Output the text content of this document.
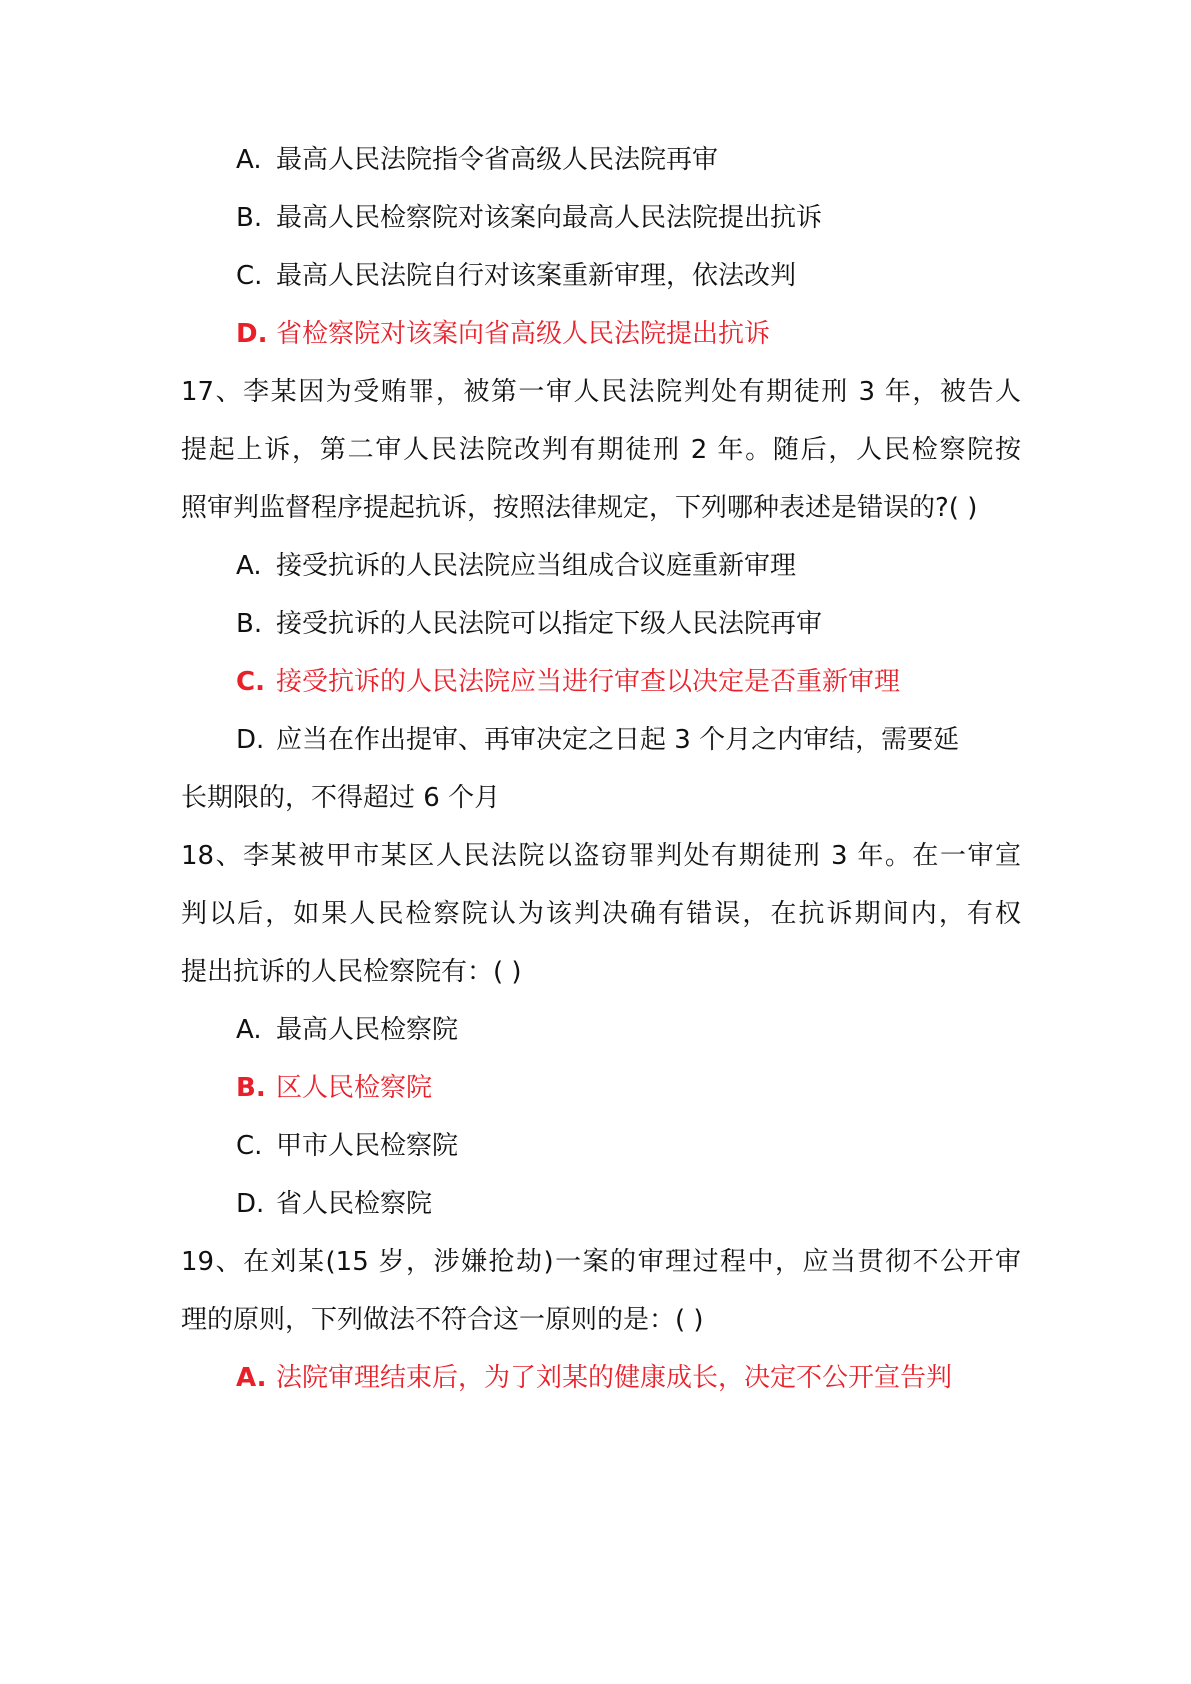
A. 最高人民法院指令省高级人民法院再审
B. 最高人民检察院对该案向最高人民法院提出抗诉
C. 最高人民法院自行对该案重新审理，依法改判
D. 省检察院对该案向省高级人民法院提出抗诉
17、李某因为受贿罪，被第一审人民法院判处有期徒刑 3 年，被告人
提起上诉，第二审人民法院改判有期徒刑 2 年。随后，人民检察院按
照审判监督程序提起抗诉，按照法律规定，下列哪种表述是错误的?( )
A. 接受抗诉的人民法院应当组成合议庭重新审理
B. 接受抗诉的人民法院可以指定下级人民法院再审
C. 接受抗诉的人民法院应当进行审查以决定是否重新审理
D. 应当在作出提审、再审决定之日起 3 个月之内审结，需要延
长期限的，不得超过 6 个月
18、李某被甲市某区人民法院以盗窃罪判处有期徒刑 3 年。在一审宣
判以后，如果人民检察院认为该判决确有错误，在抗诉期间内，有权
提出抗诉的人民检察院有：( )
A. 最高人民检察院
B. 区人民检察院
C. 甲市人民检察院
D. 省人民检察院
19、在刘某(15 岁，涉嫌抢劫)一案的审理过程中，应当贯彻不公开审
理的原则，下列做法不符合这一原则的是：( )
A. 法院审理结束后，为了刘某的健康成长，决定不公开宣告判
